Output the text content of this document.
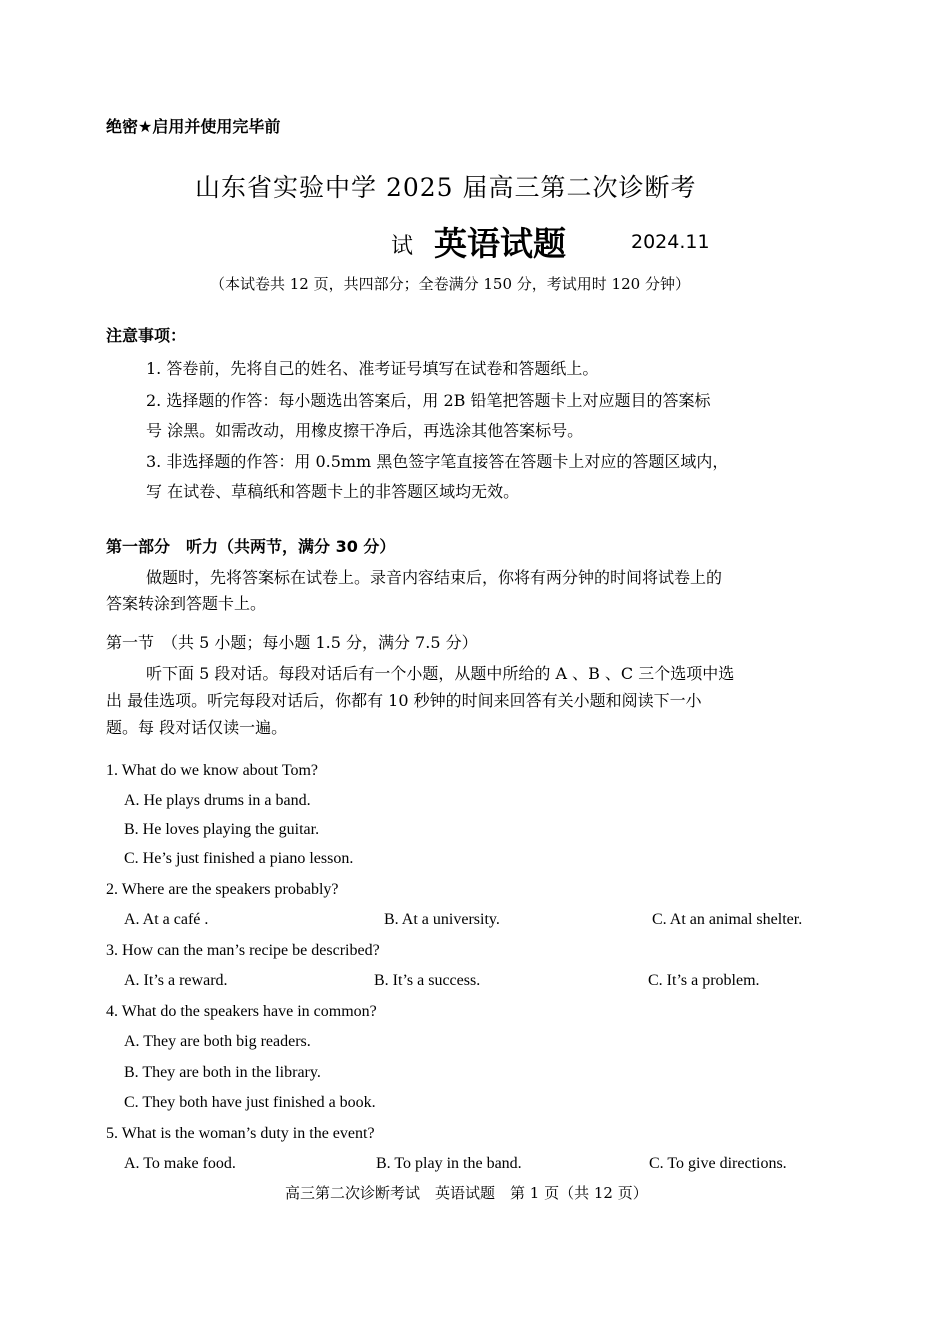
绝密★启用并使用完毕前
山东省实验中学 2025 届高三第二次诊断考
试 英语试题	2024.11
（本试卷共 12 页，共四部分；全卷满分 150 分，考试用时 120 分钟）
注意事项：
1. 答卷前，先将自己的姓名、准考证号填写在试卷和答题纸上。
2. 选择题的作答：每小题选出答案后，用 2B 铅笔把答题卡上对应题目的答案标
号 涂黑。如需改动，用橡皮擦干净后，再选涂其他答案标号。
3. 非选择题的作答：用 0.5mm 黑色签字笔直接答在答题卡上对应的答题区域内，
写 在试卷、草稿纸和答题卡上的非答题区域均无效。
第一部分　听力（共两节，满分 30 分）
做题时，先将答案标在试卷上。录音内容结束后，你将有两分钟的时间将试卷上的
答案转涂到答题卡上。
第一节　（共 5 小题；每小题 1.5 分，满分 7.5 分）
听下面 5 段对话。每段对话后有一个小题，从题中所给的 A 、B 、C 三个选项中选
出 最佳选项。听完每段对话后，你都有 10 秒钟的时间来回答有关小题和阅读下一小
题。每 段对话仅读一遍。
1. What do we know about Tom?
A. He plays drums in a band.
B. He loves playing the guitar.
C. He’s just finished a piano lesson.
2. Where are the speakers probably?
A. At a café .	B. At a university.	C. At an animal shelter.
3. How can the man’s recipe be described?
A. It’s a reward.	B. It’s a success.	C. It’s a problem.
4. What do the speakers have in common?
A. They are both big readers.
B. They are both in the library.
C. They both have just finished a book.
5. What is the woman’s duty in the event?
A. To make food.	B. To play in the band.	C. To give directions.
高三第二次诊断考试　英语试题　第 1 页（共 12 页）
